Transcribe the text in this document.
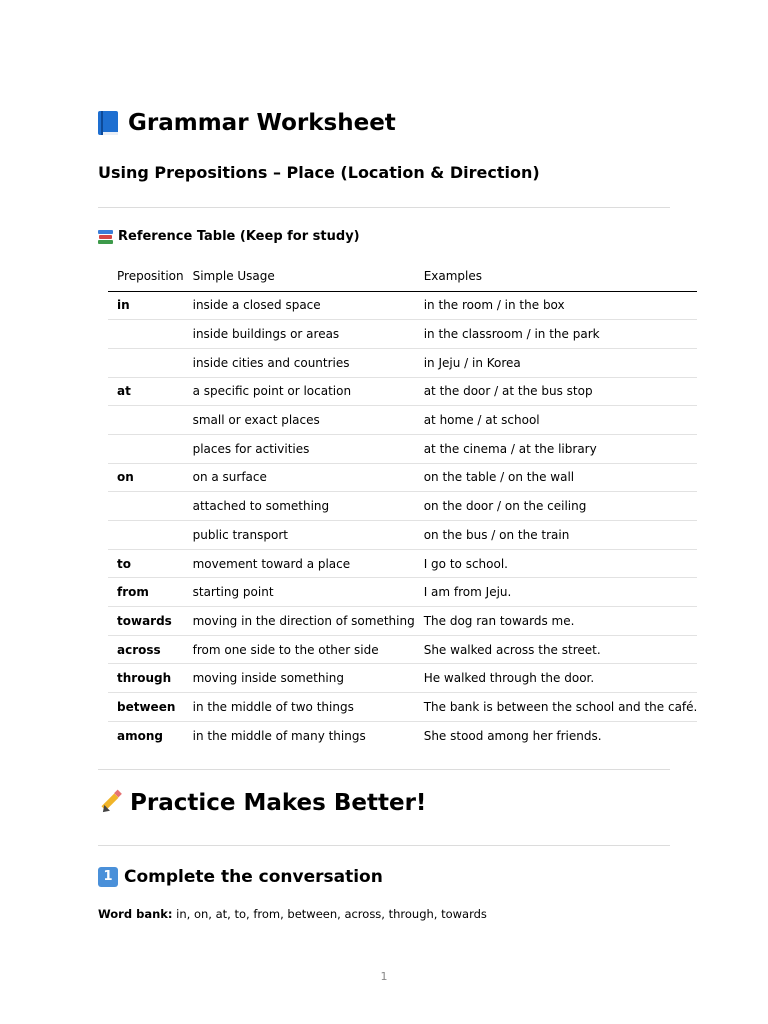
Grammar Worksheet
Using Prepositions – Place (Location & Direction)
Reference Table (Keep for study)
Preposition	Simple Usage	Examples
in	inside a closed space	in the room / in the box
	inside buildings or areas	in the classroom / in the park
	inside cities and countries	in Jeju / in Korea
at	a specific point or location	at the door / at the bus stop
	small or exact places	at home / at school
	places for activities	at the cinema / at the library
on	on a surface	on the table / on the wall
	attached to something	on the door / on the ceiling
	public transport	on the bus / on the train
to	movement toward a place	I go to school.
from	starting point	I am from Jeju.
towards	moving in the direction of something	The dog ran towards me.
across	from one side to the other side	She walked across the street.
through	moving inside something	He walked through the door.
between	in the middle of two things	The bank is between the school and the café.
among	in the middle of many things	She stood among her friends.
Practice Makes Better!
1 Complete the conversation

Word bank: in, on, at, to, from, between, across, through, towards

1
